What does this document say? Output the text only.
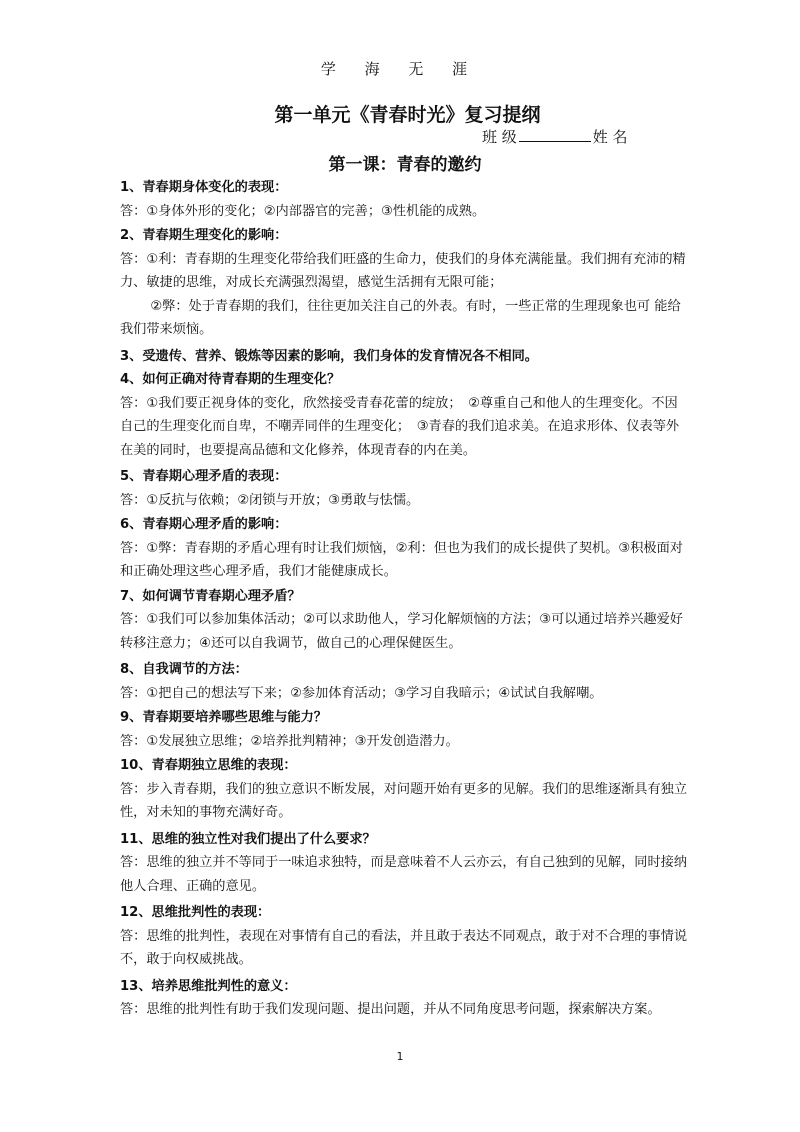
学 海 无 涯
第一单元《青春时光》复习提纲
班 级	姓 名
第一课：青春的邀约

1、青春期身体变化的表现：

答：①身体外形的变化；②内部器官的完善；③性机能的成熟。

2、青春期生理变化的影响：

答：①利：青春期的生理变化带给我们旺盛的生命力，使我们的身体充满能量。我们拥有充沛的精力、敏捷的思维，对成长充满强烈渴望，感觉生活拥有无限可能；

②弊：处于青春期的我们，往往更加关注自己的外表。有时，一些正常的生理现象也可 能给我们带来烦恼。

3、受遗传、营养、锻炼等因素的影响，我们身体的发育情况各不相同。

4、如何正确对待青春期的生理变化？

答：①我们要正视身体的变化，欣然接受青春花蕾的绽放；　②尊重自己和他人的生理变化。不因自己的生理变化而自卑，不嘲弄同伴的生理变化；　③青春的我们追求美。在追求形体、仪表等外在美的同时，也要提高品德和文化修养，体现青春的内在美。

5、青春期心理矛盾的表现：

答：①反抗与依赖；②闭锁与开放；③勇敢与怯懦。

6、青春期心理矛盾的影响：

答：①弊：青春期的矛盾心理有时让我们烦恼，②利：但也为我们的成长提供了契机。③积极面对和正确处理这些心理矛盾，我们才能健康成长。

7、如何调节青春期心理矛盾？

答：①我们可以参加集体活动；②可以求助他人，学习化解烦恼的方法；③可以通过培养兴趣爱好转移注意力；④还可以自我调节，做自己的心理保健医生。

8、自我调节的方法：

答：①把自己的想法写下来；②参加体育活动；③学习自我暗示；④试试自我解嘲。

9、青春期要培养哪些思维与能力？

答：①发展独立思维；②培养批判精神；③开发创造潜力。

10、青春期独立思维的表现：

答：步入青春期，我们的独立意识不断发展，对问题开始有更多的见解。我们的思维逐渐具有独立性，对未知的事物充满好奇。

11、思维的独立性对我们提出了什么要求？

答：思维的独立并不等同于一味追求独特，而是意味着不人云亦云，有自己独到的见解，同时接纳他人合理、正确的意见。

12、思维批判性的表现：

答：思维的批判性，表现在对事情有自己的看法，并且敢于表达不同观点，敢于对不合理的事情说不，敢于向权威挑战。

13、培养思维批判性的意义：

答：思维的批判性有助于我们发现问题、提出问题，并从不同角度思考问题，探索解决方案。

1
